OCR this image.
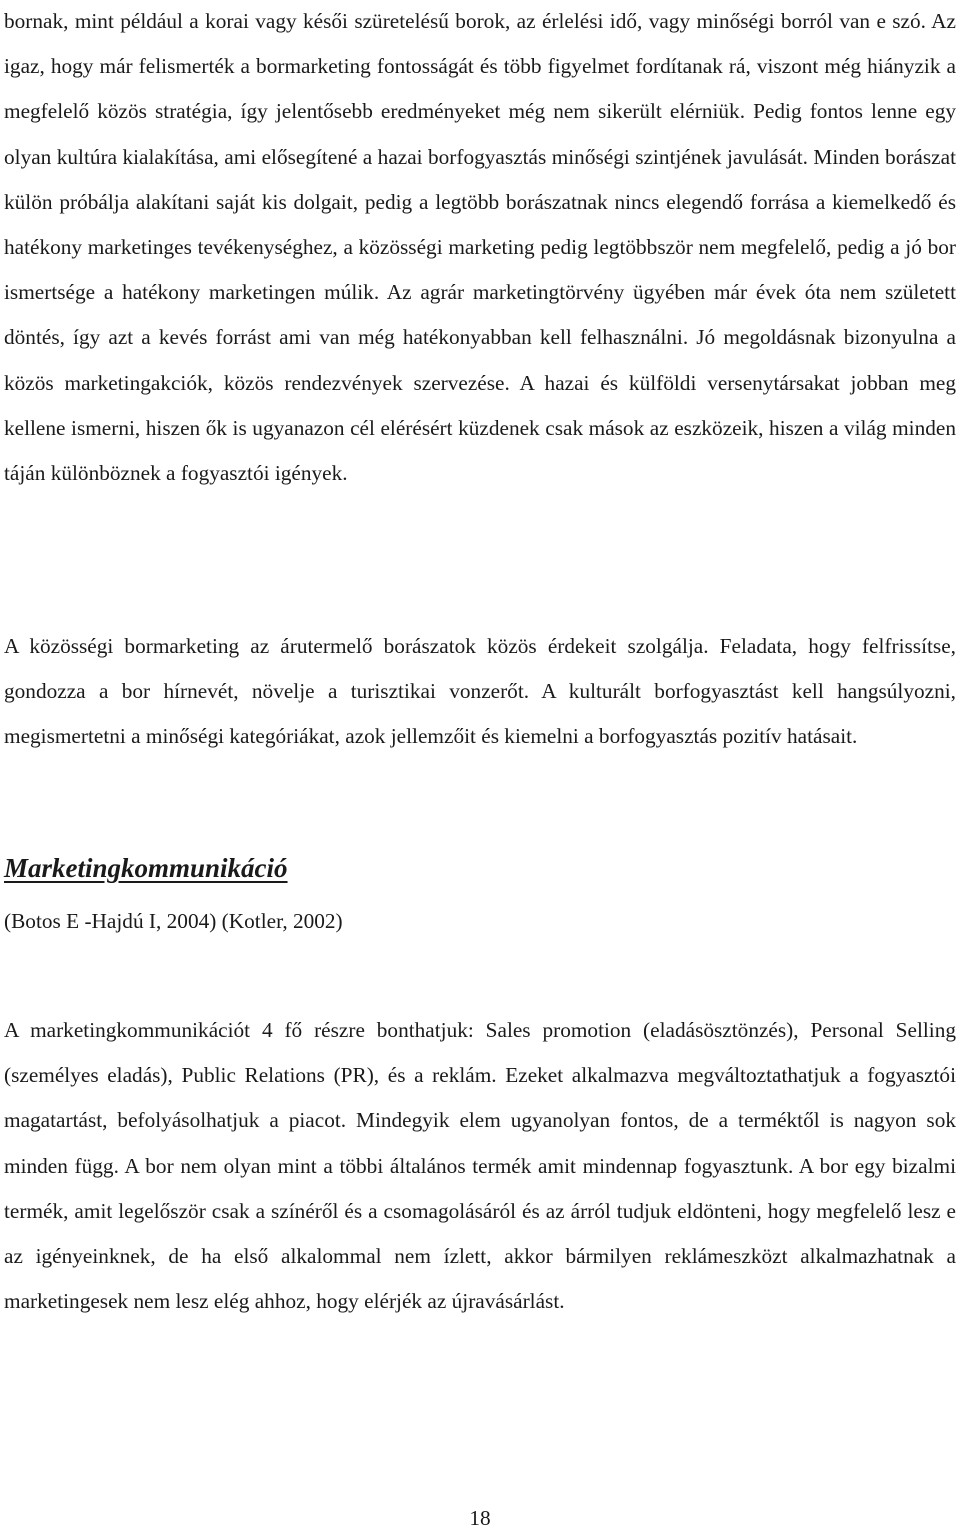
bornak, mint például a korai vagy késői szüretelésű borok, az érlelési idő, vagy minőségi borról van e szó. Az igaz, hogy már felismerték a bormarketing fontosságát és több figyelmet fordítanak rá, viszont még hiányzik a megfelelő közös stratégia, így jelentősebb eredményeket még nem sikerült elérniük. Pedig fontos lenne egy olyan kultúra kialakítása, ami elősegítené a hazai borfogyasztás minőségi szintjének javulását. Minden borászat külön próbálja alakítani saját kis dolgait, pedig a legtöbb borászatnak nincs elegendő forrása a kiemelkedő és hatékony marketinges tevékenységhez, a közösségi marketing pedig legtöbbször nem megfelelő, pedig a jó bor ismertsége a hatékony marketingen múlik. Az agrár marketingtörvény ügyében már évek óta nem született döntés, így azt a kevés forrást ami van még hatékonyabban kell felhasználni. Jó megoldásnak bizonyulna a közös marketingakciók, közös rendezvények szervezése. A hazai és külföldi versenytársakat jobban meg kellene ismerni, hiszen ők is ugyanazon cél elérésért küzdenek csak mások az eszközeik, hiszen a világ minden táján különböznek a fogyasztói igények.

A közösségi bormarketing az árutermelő borászatok közös érdekeit szolgálja. Feladata, hogy felfrissítse, gondozza a bor hírnevét, növelje a turisztikai vonzerőt. A kulturált borfogyasztást kell hangsúlyozni, megismertetni a minőségi kategóriákat, azok jellemzőit és kiemelni a borfogyasztás pozitív hatásait.

Marketingkommunikáció

(Botos E -Hajdú I, 2004) (Kotler, 2002)

A marketingkommunikációt 4 fő részre bonthatjuk: Sales promotion (eladásösztönzés), Personal Selling (személyes eladás), Public Relations (PR), és a reklám. Ezeket alkalmazva megváltoztathatjuk a fogyasztói magatartást, befolyásolhatjuk a piacot. Mindegyik elem ugyanolyan fontos, de a terméktől is nagyon sok minden függ. A bor nem olyan mint a többi általános termék amit mindennap fogyasztunk. A bor egy bizalmi termék, amit legelőször csak a színéről és a csomagolásáról és az árról tudjuk eldönteni, hogy megfelelő lesz e az igényeinknek, de ha első alkalommal nem ízlett, akkor bármilyen reklámeszközt alkalmazhatnak a marketingesek nem lesz elég ahhoz, hogy elérjék az újravásárlást.

18
